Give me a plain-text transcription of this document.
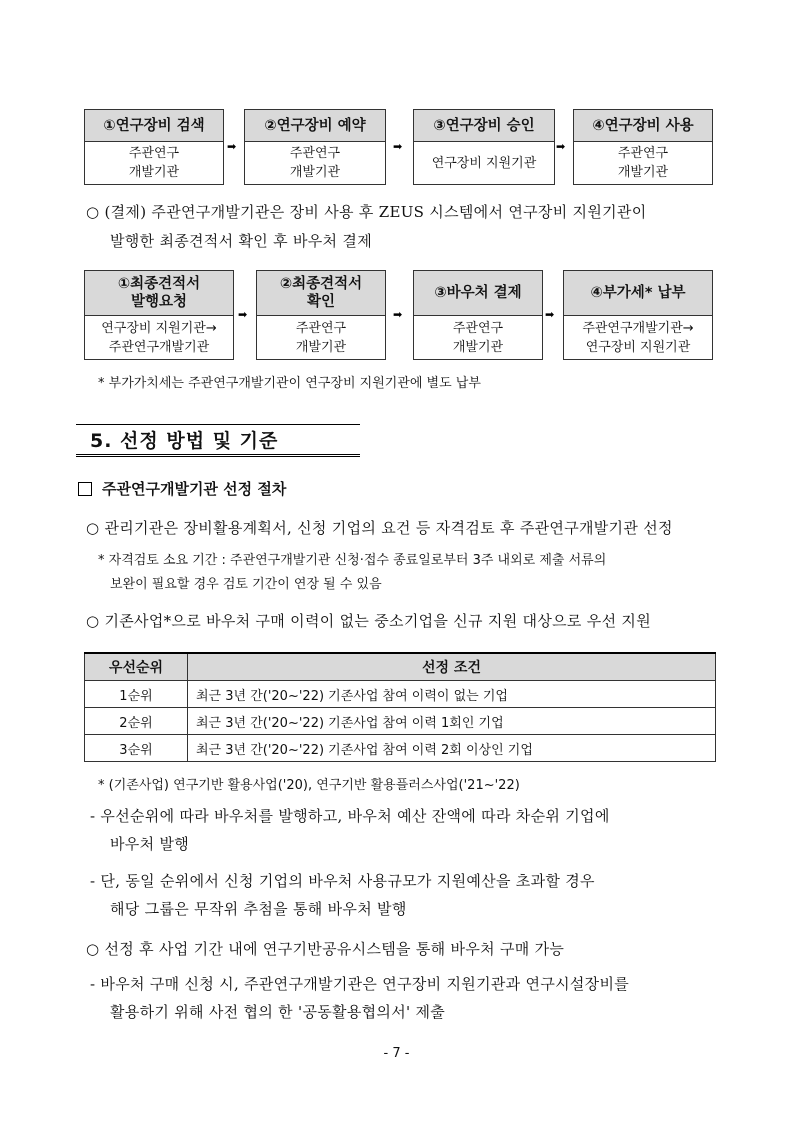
①연구장비 검색
주관연구
개발기관
➡
②연구장비 예약
주관연구
개발기관
➡
③연구장비 승인
연구장비 지원기관
➡
④연구장비 사용
주관연구
개발기관
○ (결제) 주관연구개발기관은 장비 사용 후 ZEUS 시스템에서 연구장비 지원기관이
발행한 최종견적서 확인 후 바우처 결제
①최종견적서
발행요청
연구장비 지원기관→
주관연구개발기관
➡
②최종견적서
확인
주관연구
개발기관
➡
③바우처 결제
주관연구
개발기관
➡
④부가세* 납부
주관연구개발기관→
연구장비 지원기관
* 부가가치세는 주관연구개발기관이 연구장비 지원기관에 별도 납부
5. 선정 방법 및 기준
주관연구개발기관 선정 절차
○ 관리기관은 장비활용계획서, 신청 기업의 요건 등 자격검토 후 주관연구개발기관 선정
* 자격검토 소요 기간 : 주관연구개발기관 신청·접수 종료일로부터 3주 내외로 제출 서류의
보완이 필요할 경우 검토 기간이 연장 될 수 있음
○ 기존사업*으로 바우처 구매 이력이 없는 중소기업을 신규 지원 대상으로 우선 지원
우선순위	선정 조건
1순위	최근 3년 간('20~'22) 기존사업 참여 이력이 없는 기업
2순위	최근 3년 간('20~'22) 기존사업 참여 이력 1회인 기업
3순위	최근 3년 간('20~'22) 기존사업 참여 이력 2회 이상인 기업
* (기존사업) 연구기반 활용사업('20), 연구기반 활용플러스사업('21~'22)
- 우선순위에 따라 바우처를 발행하고, 바우처 예산 잔액에 따라 차순위 기업에
바우처 발행
- 단, 동일 순위에서 신청 기업의 바우처 사용규모가 지원예산을 초과할 경우
해당 그룹은 무작위 추첨을 통해 바우처 발행
○ 선정 후 사업 기간 내에 연구기반공유시스템을 통해 바우처 구매 가능
- 바우처 구매 신청 시, 주관연구개발기관은 연구장비 지원기관과 연구시설장비를
활용하기 위해 사전 협의 한 '공동활용협의서' 제출
- 7 -
